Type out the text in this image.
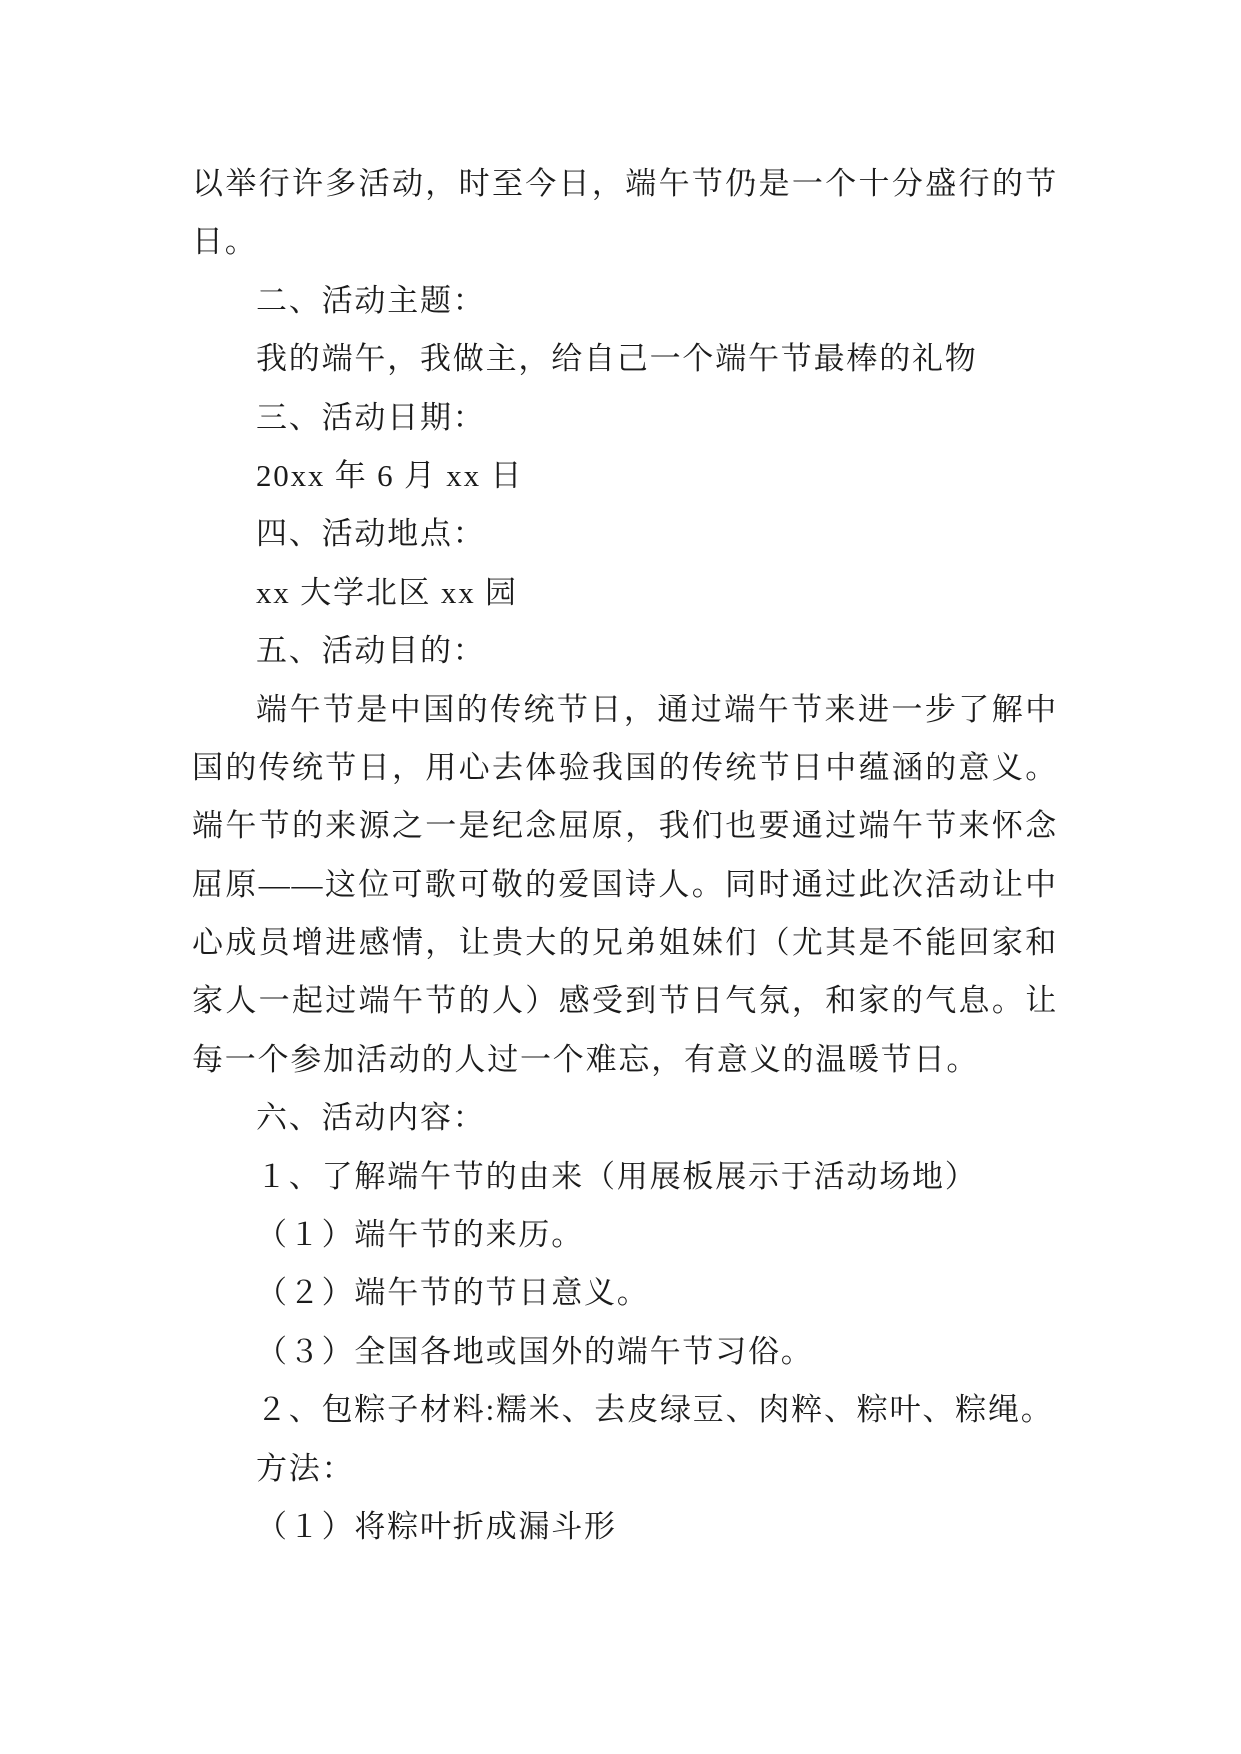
以举行许多活动，时至今日，端午节仍是一个十分盛行的节
日。
二、活动主题：
我的端午，我做主，给自己一个端午节最棒的礼物
三、活动日期：
20xx 年 6 月 xx 日
四、活动地点：
xx 大学北区 xx 园
五、活动目的：
端午节是中国的传统节日，通过端午节来进一步了解中
国的传统节日，用心去体验我国的传统节日中蕴涵的意义。
端午节的来源之一是纪念屈原，我们也要通过端午节来怀念
屈原——这位可歌可敬的爱国诗人。同时通过此次活动让中
心成员增进感情，让贵大的兄弟姐妹们（尤其是不能回家和
家人一起过端午节的人）感受到节日气氛，和家的气息。让
每一个参加活动的人过一个难忘，有意义的温暖节日。
六、活动内容：
１、了解端午节的由来（用展板展示于活动场地）
（１）端午节的来历。
（２）端午节的节日意义。
（３）全国各地或国外的端午节习俗。
２、包粽子材料:糯米、去皮绿豆、肉粹、粽叶、粽绳。
方法：
（１）将粽叶折成漏斗形
